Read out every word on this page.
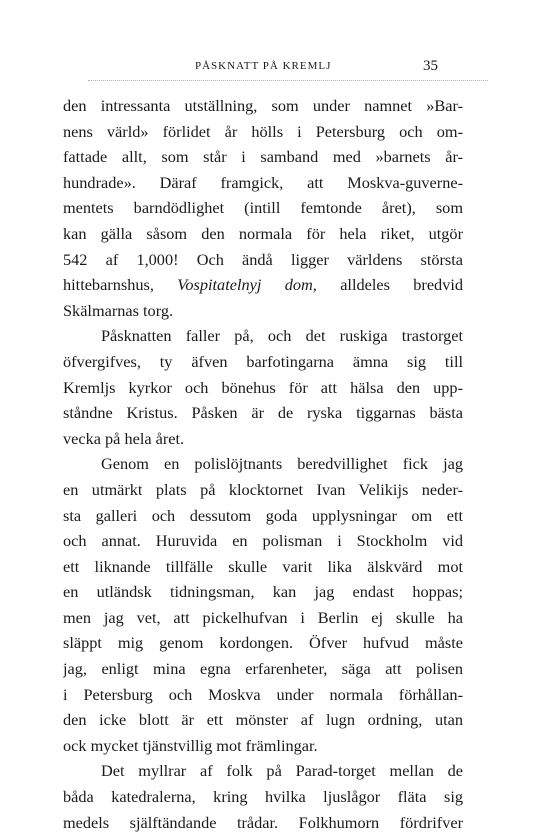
PÅSKNATT PÅ KREMLJ	35

den intressanta utställning, som under namnet »Bar-
nens värld» förlidet år hölls i Petersburg och om-
fattade allt, som står i samband med »barnets år-
hundrade». Däraf framgick, att Moskva-guverne-
mentets barndödlighet (intill femtonde året), som
kan gälla såsom den normala för hela riket, utgör
542 af 1,000! Och ändå ligger världens största
hittebarnshus, Vospitatelnyj dom, alldeles bredvid
Skälmarnas torg.

Påsknatten faller på, och det ruskiga trastorget
öfvergifves, ty äfven barfotingarna ämna sig till
Kremljs kyrkor och bönehus för att hälsa den upp-
ståndne Kristus. Påsken är de ryska tiggarnas bästa
vecka på hela året.

Genom en polislöjtnants beredvillighet fick jag
en utmärkt plats på klocktornet Ivan Velikijs neder-
sta galleri och dessutom goda upplysningar om ett
och annat. Huruvida en polisman i Stockholm vid
ett liknande tillfälle skulle varit lika älskvärd mot
en utländsk tidningsman, kan jag endast hoppas;
men jag vet, att pickelhufvan i Berlin ej skulle ha
släppt mig genom kordongen. Öfver hufvud måste
jag, enligt mina egna erfarenheter, säga att polisen
i Petersburg och Moskva under normala förhållan-
den icke blott är ett mönster af lugn ordning, utan
ock mycket tjänstvillig mot främlingar.

Det myllrar af folk på Parad-torget mellan de
båda katedralerna, kring hvilka ljuslågor fläta sig
medels själftändande trådar. Folkhumorn fördrifver
